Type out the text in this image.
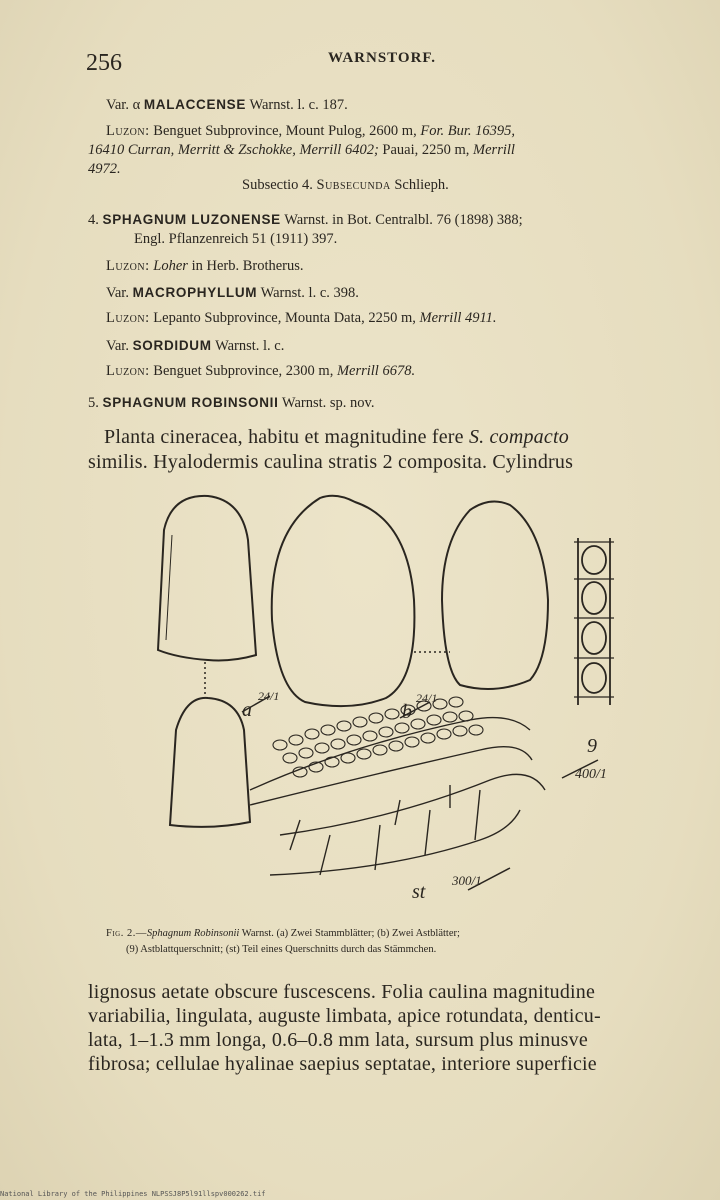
256	WARNSTORF.
Var. α MALACCENSE Warnst. l. c. 187.
Luzon: Benguet Subprovince, Mount Pulog, 2600 m, For. Bur. 16395,
16410 Curran, Merritt & Zschokke, Merrill 6402; Pauai, 2250 m, Merrill
4972.
Subsectio 4. Subsecunda Schlieph.
4. SPHAGNUM LUZONENSE Warnst. in Bot. Centralbl. 76 (1898) 388;
Engl. Pflanzenreich 51 (1911) 397.
Luzon: Loher in Herb. Brotherus.
Var. MACROPHYLLUM Warnst. l. c. 398.
Luzon: Lepanto Subprovince, Mounta Data, 2250 m, Merrill 4911.
Var. SORDIDUM Warnst. l. c.
Luzon: Benguet Subprovince, 2300 m, Merrill 6678.
5. SPHAGNUM ROBINSONII Warnst. sp. nov.
Planta cineracea, habitu et magnitudine fere S. compacto
similis. Hyalodermis caulina stratis 2 composita. Cylindrus
a
24/1
b
24/1
9
400/1
st
300/1
Fig. 2.—Sphagnum Robinsonii Warnst. (a) Zwei Stammblätter; (b) Zwei Astblätter;
(9) Astblattquerschnitt; (st) Teil eines Querschnitts durch das Stämmchen.
lignosus aetate obscure fuscescens. Folia caulina magnitudine
variabilia, lingulata, auguste limbata, apice rotundata, denticu-
lata, 1–1.3 mm longa, 0.6–0.8 mm lata, sursum plus minusve
fibrosa; cellulae hyalinae saepius septatae, interiore superficie
National Library of the Philippines NLPSSJ8P5l91llspv000262.tif
